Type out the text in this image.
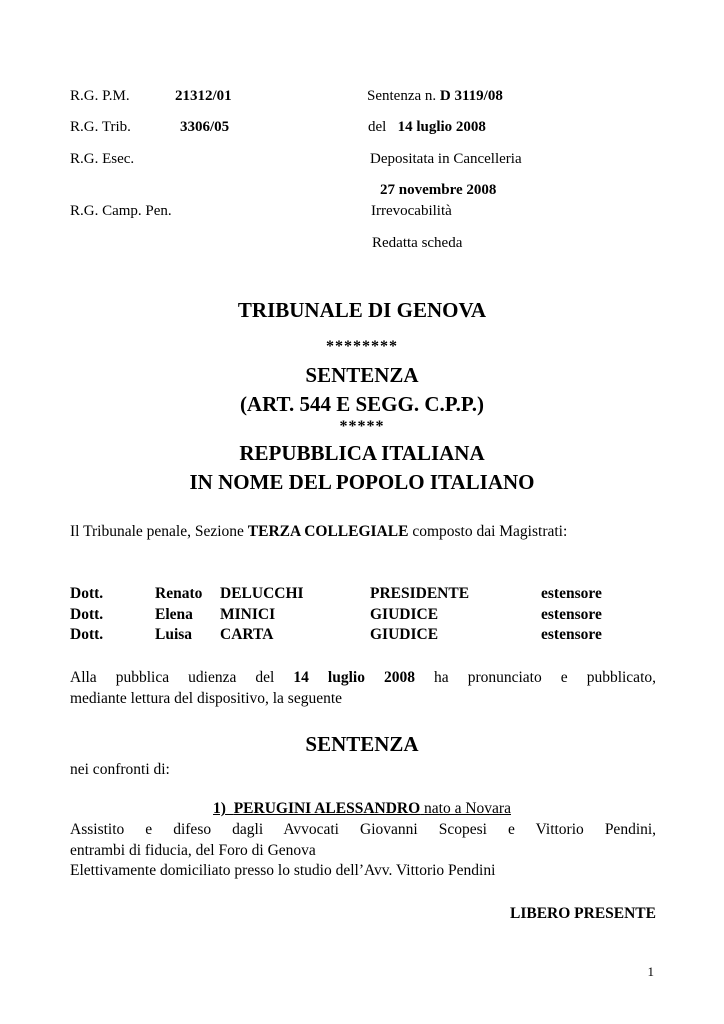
R.G. P.M.	21312/01	Sentenza n. D 3119/08
R.G. Trib.	3306/05	del 14 luglio 2008
R.G. Esec.	Depositata in Cancelleria
27 novembre 2008
R.G. Camp. Pen.	Irrevocabilità
Redatta scheda
TRIBUNALE DI GENOVA
********
SENTENZA
(ART. 544 E SEGG. C.P.P.)
*****
REPUBBLICA ITALIANA
IN NOME DEL POPOLO ITALIANO
Il Tribunale penale, Sezione TERZA COLLEGIALE composto dai Magistrati:
Dott.	Renato DELUCCHI	PRESIDENTE	estensore
Dott.	Elena MINICI	GIUDICE	estensore
Dott.	Luisa CARTA	GIUDICE	estensore
Alla pubblica udienza del 14 luglio 2008 ha pronunciato e pubblicato,
mediante lettura del dispositivo, la seguente
SENTENZA
nei confronti di:
1) PERUGINI ALESSANDRO nato a Novara
Assistito e difeso dagli Avvocati Giovanni Scopesi e Vittorio Pendini,
entrambi di fiducia, del Foro di Genova
Elettivamente domiciliato presso lo studio dell’Avv. Vittorio Pendini
LIBERO PRESENTE
1
